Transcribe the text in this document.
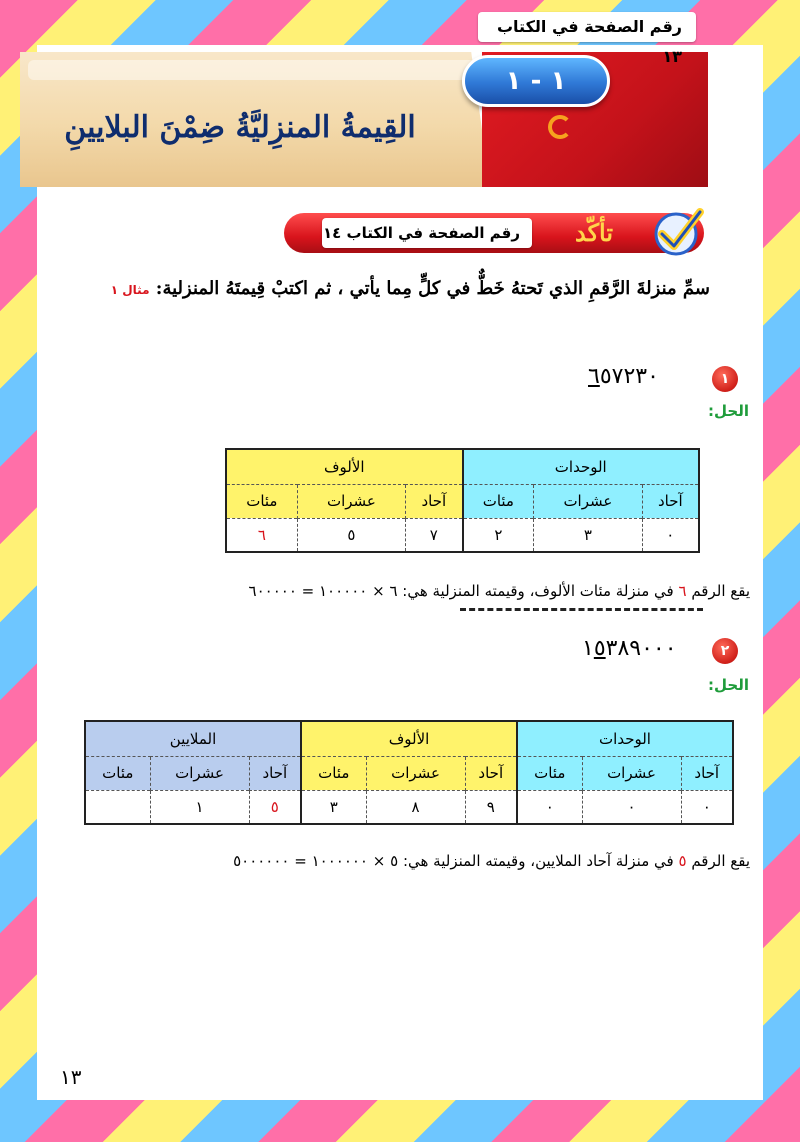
القِيمةُ المنزِليَّةُ ضِمْنَ البلايينِ
رقم الصفحة في الكتاب ١٣
١ - ١
رقم الصفحة في الكتاب ١٤	تأكّد
سمِّ منزلةَ الرَّقمِ الذي تَحتهُ خَطٌّ في كلٍّ مِما يأتي ، ثم اكتبْ قِيمتَهُ المنزلية: مثال ١
١
٦٥٧٢٣٠
الحل:
الوحدات			الألوف		
آحاد	عشرات	مئات	آحاد	عشرات	مئات
٠	٣	٢	٧	٥	٦
يقع الرقم ٦ في منزلة مئات الألوف، وقيمته المنزلية هي: ٦ × ١٠٠٠٠٠ = ٦٠٠٠٠٠
٢
١٥٣٨٩٠٠٠
الحل:
الوحدات			الألوف			الملايين		
آحاد	عشرات	مئات	آحاد	عشرات	مئات	آحاد	عشرات	مئات
٠	٠	٠	٩	٨	٣	٥	١	
يقع الرقم ٥ في منزلة آحاد الملايين، وقيمته المنزلية هي: ٥ × ١٠٠٠٠٠٠ = ٥٠٠٠٠٠٠
١٣
